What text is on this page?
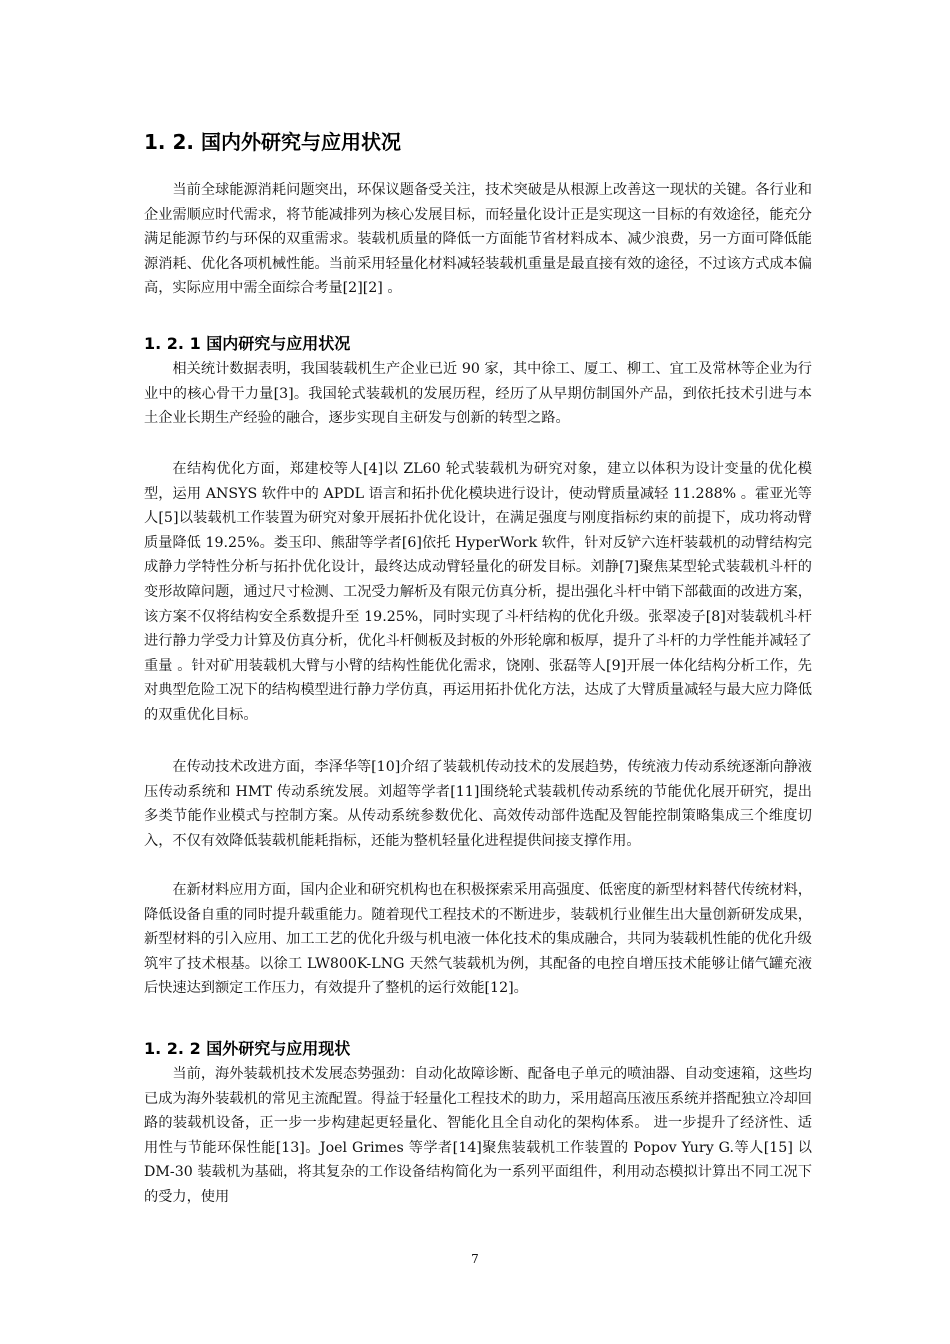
1. 2. 国内外研究与应用状况

当前全球能源消耗问题突出，环保议题备受关注，技术突破是从根源上改善这一现状的关键。各行业和企业需顺应时代需求，将节能减排列为核心发展目标，而轻量化设计正是实现这一目标的有效途径，能充分满足能源节约与环保的双重需求。装载机质量的降低一方面能节省材料成本、减少浪费，另一方面可降低能源消耗、优化各项机械性能。当前采用轻量化材料减轻装载机重量是最直接有效的途径，不过该方式成本偏高，实际应用中需全面综合考量[2][2] 。

1. 2. 1 国内研究与应用状况

相关统计数据表明，我国装载机生产企业已近 90 家，其中徐工、厦工、柳工、宜工及常林等企业为行业中的核心骨干力量[3]。我国轮式装载机的发展历程，经历了从早期仿制国外产品，到依托技术引进与本土企业长期生产经验的融合，逐步实现自主研发与创新的转型之路。

在结构优化方面，郑建校等人[4]以 ZL60 轮式装载机为研究对象，建立以体积为设计变量的优化模型，运用 ANSYS 软件中的 APDL 语言和拓扑优化模块进行设计，使动臂质量减轻 11.288% 。霍亚光等人[5]以装载机工作装置为研究对象开展拓扑优化设计，在满足强度与刚度指标约束的前提下，成功将动臂质量降低 19.25%。娄玉印、熊甜等学者[6]依托 HyperWork 软件，针对反铲六连杆装载机的动臂结构完成静力学特性分析与拓扑优化设计，最终达成动臂轻量化的研发目标。刘静[7]聚焦某型轮式装载机斗杆的变形故障问题，通过尺寸检测、工况受力解析及有限元仿真分析，提出强化斗杆中销下部截面的改进方案，该方案不仅将结构安全系数提升至 19.25%，同时实现了斗杆结构的优化升级。张翠凌子[8]对装载机斗杆进行静力学受力计算及仿真分析，优化斗杆侧板及封板的外形轮廓和板厚，提升了斗杆的力学性能并减轻了重量 。针对矿用装载机大臂与小臂的结构性能优化需求，饶刚、张磊等人[9]开展一体化结构分析工作，先对典型危险工况下的结构模型进行静力学仿真，再运用拓扑优化方法，达成了大臂质量减轻与最大应力降低的双重优化目标。

在传动技术改进方面，李泽华等[10]介绍了装载机传动技术的发展趋势，传统液力传动系统逐渐向静液压传动系统和 HMT 传动系统发展。刘超等学者[11]围绕轮式装载机传动系统的节能优化展开研究，提出多类节能作业模式与控制方案。从传动系统参数优化、高效传动部件选配及智能控制策略集成三个维度切入，不仅有效降低装载机能耗指标，还能为整机轻量化进程提供间接支撑作用。

在新材料应用方面，国内企业和研究机构也在积极探索采用高强度、低密度的新型材料替代传统材料，降低设备自重的同时提升载重能力。随着现代工程技术的不断进步，装载机行业催生出大量创新研发成果，新型材料的引入应用、加工工艺的优化升级与机电液一体化技术的集成融合，共同为装载机性能的优化升级筑牢了技术根基。以徐工 LW800K-LNG 天然气装载机为例，其配备的电控自增压技术能够让储气罐充液后快速达到额定工作压力，有效提升了整机的运行效能[12]。

1. 2. 2 国外研究与应用现状

当前，海外装载机技术发展态势强劲：自动化故障诊断、配备电子单元的喷油器、自动变速箱，这些均已成为海外装载机的常见主流配置。得益于轻量化工程技术的助力，采用超高压液压系统并搭配独立冷却回路的装载机设备，正一步一步构建起更轻量化、智能化且全自动化的架构体系。 进一步提升了经济性、适用性与节能环保性能[13]。Joel Grimes 等学者[14]聚焦装载机工作装置的 Popov Yury G.等人[15] 以 DM-30 装载机为基础，将其复杂的工作设备结构简化为一系列平面组件，利用动态模拟计算出不同工况下的受力，使用

7
